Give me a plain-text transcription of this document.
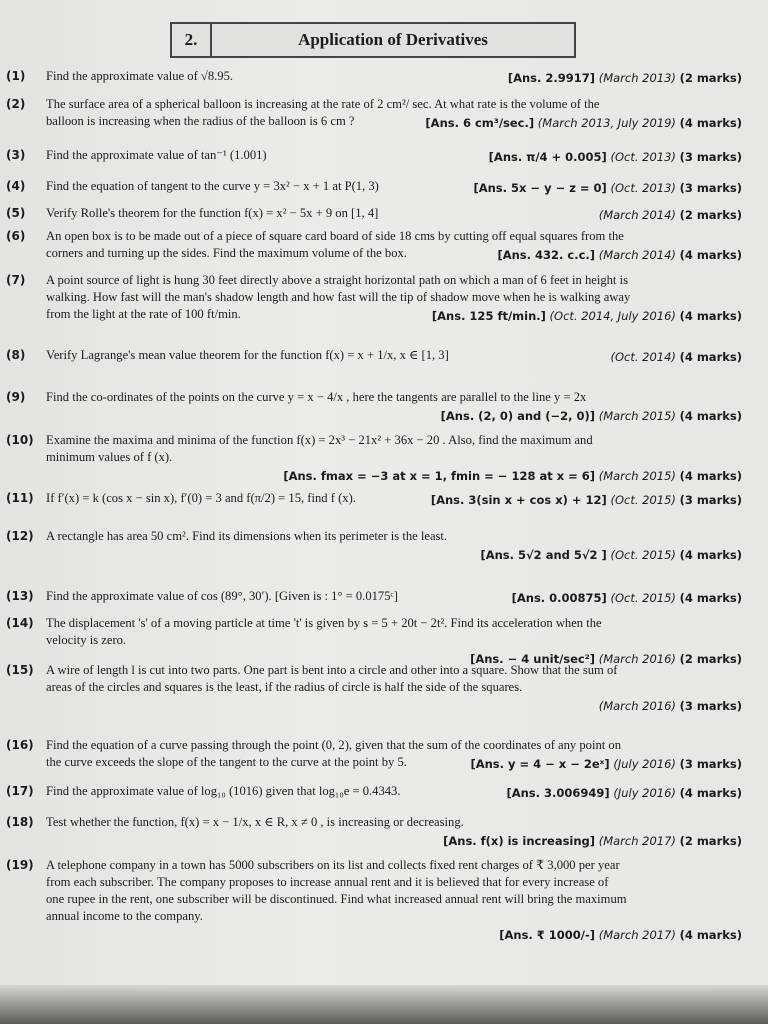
2.	Application of Derivatives
(1) Find the approximate value of √8.95.	[Ans. 2.9917] (March 2013) (2 marks)
(2) The surface area of a spherical balloon is increasing at the rate of 2 cm²/ sec. At what rate is the volume of the
balloon is increasing when the radius of the balloon is 6 cm ?	[Ans. 6 cm³/sec.] (March 2013, July 2019) (4 marks)
(3) Find the approximate value of tan⁻¹ (1.001)	[Ans. π/4 + 0.005] (Oct. 2013) (3 marks)
(4) Find the equation of tangent to the curve y = 3x² − x + 1 at P(1, 3)	[Ans. 5x − y − z = 0] (Oct. 2013) (3 marks)
(5) Verify Rolle's theorem for the function f(x) = x² − 5x + 9 on [1, 4]	(March 2014) (2 marks)
(6) An open box is to be made out of a piece of square card board of side 18 cms by cutting off equal squares from the
corners and turning up the sides. Find the maximum volume of the box.	[Ans. 432. c.c.] (March 2014) (4 marks)
(7) A point source of light is hung 30 feet directly above a straight horizontal path on which a man of 6 feet in height is
walking. How fast will the man's shadow length and how fast will the tip of shadow move when he is walking away
from the light at the rate of 100 ft/min.	[Ans. 125 ft/min.] (Oct. 2014, July 2016) (4 marks)
(8) Verify Lagrange's mean value theorem for the function f(x) = x + 1/x, x ∈ [1, 3]	(Oct. 2014) (4 marks)
(9) Find the co-ordinates of the points on the curve y = x − 4/x , here the tangents are parallel to the line y = 2x
[Ans. (2, 0) and (−2, 0)] (March 2015) (4 marks)
(10) Examine the maxima and minima of the function f(x) = 2x³ − 21x² + 36x − 20 . Also, find the maximum and
minimum values of f (x).
[Ans. fmax = −3 at x = 1, fmin = − 128 at x = 6] (March 2015) (4 marks)
(11) If f′(x) = k (cos x − sin x), f′(0) = 3 and f(π/2) = 15, find f (x).	[Ans. 3(sin x + cos x) + 12] (Oct. 2015) (3 marks)
(12) A rectangle has area 50 cm². Find its dimensions when its perimeter is the least.
[Ans. 5√2 and 5√2 ] (Oct. 2015) (4 marks)
(13) Find the approximate value of cos (89°, 30′). [Given is : 1° = 0.0175ᶜ]	[Ans. 0.00875] (Oct. 2015) (4 marks)
(14) The displacement 's' of a moving particle at time 't' is given by s = 5 + 20t − 2t². Find its acceleration when the
velocity is zero.
[Ans. − 4 unit/sec²] (March 2016) (2 marks)
(15) A wire of length l is cut into two parts. One part is bent into a circle and other into a square. Show that the sum of
areas of the circles and squares is the least, if the radius of circle is half the side of the squares.
(March 2016) (3 marks)
(16) Find the equation of a curve passing through the point (0, 2), given that the sum of the coordinates of any point on
the curve exceeds the slope of the tangent to the curve at the point by 5.	[Ans. y = 4 − x − 2eˣ] (July 2016) (3 marks)
(17) Find the approximate value of log₁₀ (1016) given that log₁₀e = 0.4343.	[Ans. 3.006949] (July 2016) (4 marks)
(18) Test whether the function, f(x) = x − 1/x, x ∈ R, x ≠ 0 , is increasing or decreasing.
[Ans. f(x) is increasing] (March 2017) (2 marks)
(19) A telephone company in a town has 5000 subscribers on its list and collects fixed rent charges of ₹ 3,000 per year
from each subscriber. The company proposes to increase annual rent and it is believed that for every increase of
one rupee in the rent, one subscriber will be discontinued. Find what increased annual rent will bring the maximum
annual income to the company.
[Ans. ₹ 1000/-] (March 2017) (4 marks)
